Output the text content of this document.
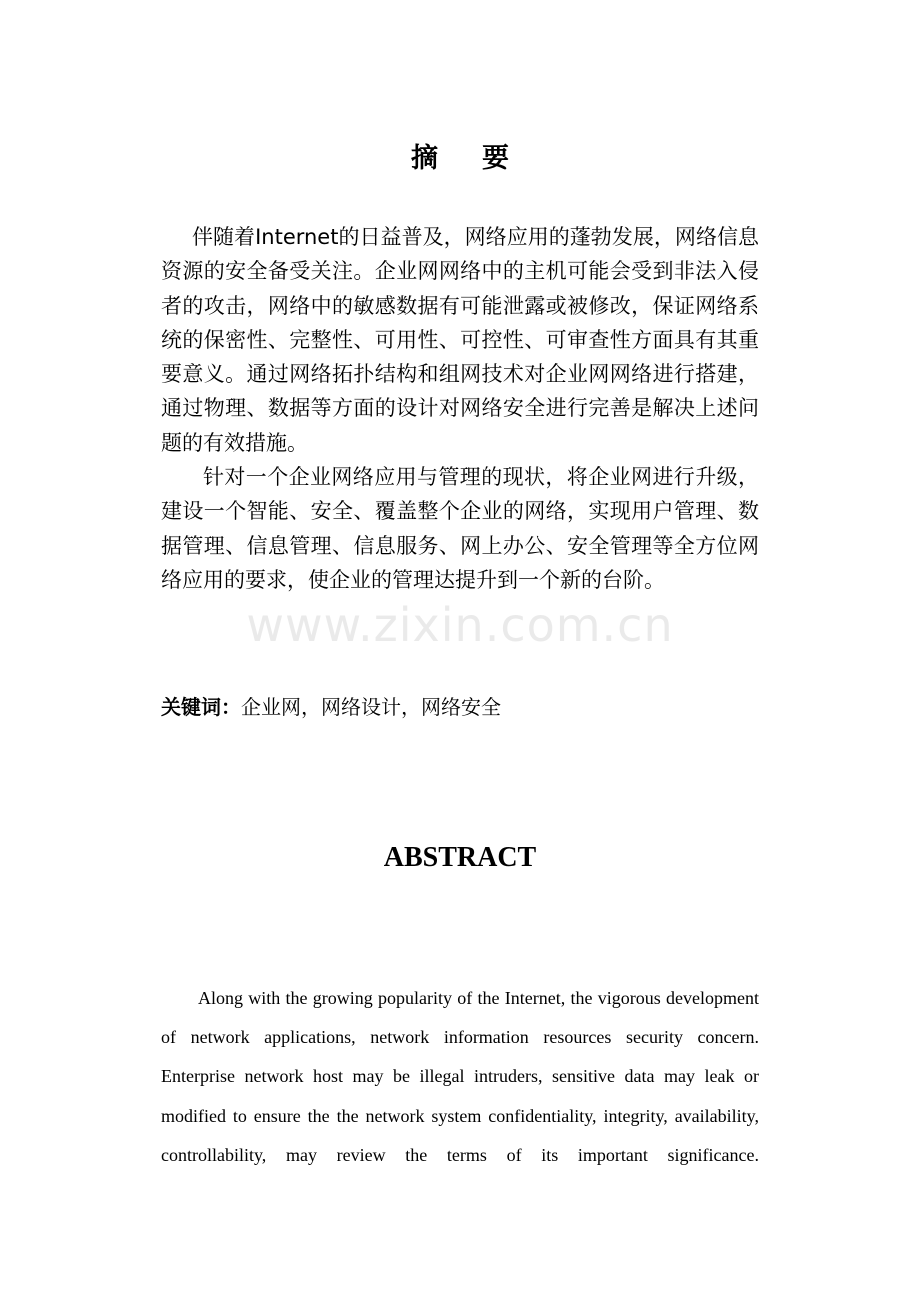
www.zixin.com.cn
摘 要

伴随着Internet的日益普及，网络应用的蓬勃发展，网络信息资源的安全备受关注。企业网网络中的主机可能会受到非法入侵者的攻击，网络中的敏感数据有可能泄露或被修改，保证网络系统的保密性、完整性、可用性、可控性、可审查性方面具有其重要意义。通过网络拓扑结构和组网技术对企业网网络进行搭建，通过物理、数据等方面的设计对网络安全进行完善是解决上述问题的有效措施。

针对一个企业网络应用与管理的现状，将企业网进行升级，建设一个智能、安全、覆盖整个企业的网络，实现用户管理、数据管理、信息管理、信息服务、网上办公、安全管理等全方位网络应用的要求，使企业的管理达提升到一个新的台阶。

关键词：企业网，网络设计，网络安全
ABSTRACT

Along with the growing popularity of the Internet, the vigorous development of network applications, network information resources security concern. Enterprise network host may be illegal intruders, sensitive data may leak or modified to ensure the the network system confidentiality, integrity, availability, controllability, may review the terms of its important significance.
